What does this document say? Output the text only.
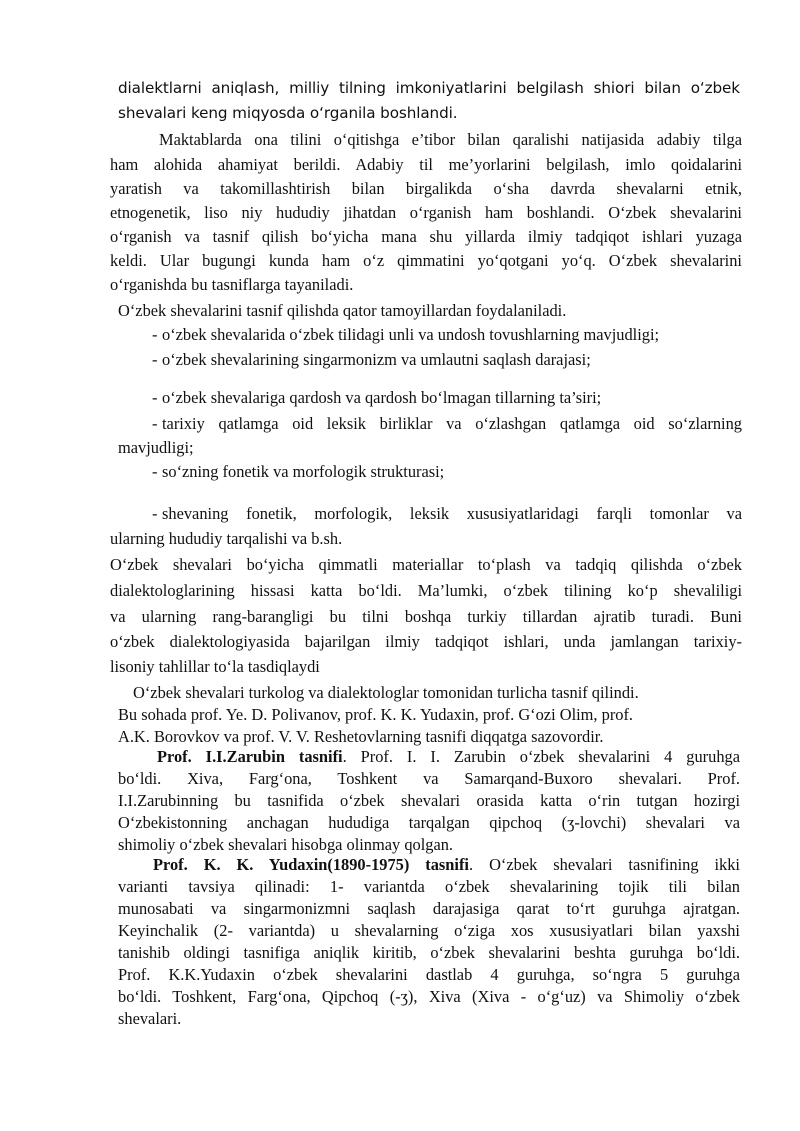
dialektlarni aniqlash, milliy tilning imkoniyatlarini belgilash shiori bilan o‘zbek
shevalari keng miqyosda o‘rganila boshlandi.
Maktablarda ona tilini o‘qitishga e’tibor bilan qaralishi natijasida adabiy tilga
ham alohida ahamiyat berildi. Adabiy til me’yorlarini belgilash, imlo qoidalarini
yaratish va takomillashtirish bilan birgalikda o‘sha davrda shevalarni etnik,
etnogenetik, liso niy hududiy jihatdan o‘rganish ham boshlandi. O‘zbek shevalarini
o‘rganish va tasnif qilish bo‘yicha mana shu yillarda ilmiy tadqiqot ishlari yuzaga
keldi. Ular bugungi kunda ham o‘z qimmatini yo‘qotgani yo‘q. O‘zbek shevalarini
o‘rganishda bu tasniflarga tayaniladi.
O‘zbek shevalarini tasnif qilishda qator tamoyillardan foydalaniladi.
- o‘zbek shevalarida o‘zbek tilidagi unli va undosh tovushlarning mavjudligi;
- o‘zbek shevalarining singarmonizm va umlautni saqlash darajasi;
- o‘zbek shevalariga qardosh va qardosh bo‘lmagan tillarning ta’siri;
- tarixiy qatlamga oid leksik birliklar va o‘zlashgan qatlamga oid so‘zlarning
mavjudligi;
- so‘zning fonetik va morfologik strukturasi;
- shevaning fonetik, morfologik, leksik xususiyatlaridagi farqli tomonlar va
ularning hududiy tarqalishi va b.sh.
O‘zbek shevalari bo‘yicha qimmatli materiallar to‘plash va tadqiq qilishda o‘zbek
dialektologlarining hissasi katta bo‘ldi. Ma’lumki, o‘zbek tilining ko‘p shevaliligi
va ularning rang-barangligi bu tilni boshqa turkiy tillardan ajratib turadi. Buni
o‘zbek dialektologiyasida bajarilgan ilmiy tadqiqot ishlari, unda jamlangan tarixiy-
lisoniy tahlillar to‘la tasdiqlaydi
O‘zbek shevalari turkolog va dialektologlar tomonidan turlicha tasnif qilindi.
Bu sohada prof. Ye. D. Polivanov, prof. K. K. Yudaxin, prof. G‘ozi Olim, prof.
A.K. Borovkov va prof. V. V. Reshetovlarning tasnifi diqqatga sazovordir.
Prof. I.I.Zarubin tasnifi. Prof. I. I. Zarubin o‘zbek shevalarini 4 guruhga
bo‘ldi. Xiva, Farg‘ona, Toshkent va Samarqand-Buxoro shevalari. Prof.
I.I.Zarubinning bu tasnifida o‘zbek shevalari orasida katta o‘rin tutgan hozirgi
O‘zbekistonning anchagan hududiga tarqalgan qipchoq (ʒ-lovchi) shevalari va
shimoliy o‘zbek shevalari hisobga olinmay qolgan.
Prof. K. K. Yudaxin(1890-1975) tasnifi. O‘zbek shevalari tasnifining ikki
varianti tavsiya qilinadi: 1- variantda o‘zbek shevalarining tojik tili bilan
munosabati va singarmonizmni saqlash darajasiga qarat to‘rt guruhga ajratgan.
Keyinchalik (2- variantda) u shevalarning o‘ziga xos xususiyatlari bilan yaxshi
tanishib oldingi tasnifiga aniqlik kiritib, o‘zbek shevalarini beshta guruhga bo‘ldi.
Prof. K.K.Yudaxin o‘zbek shevalarini dastlab 4 guruhga, so‘ngra 5 guruhga
bo‘ldi. Toshkent, Farg‘ona, Qipchoq (-ʒ), Xiva (Xiva - o‘g‘uz) va Shimoliy o‘zbek
shevalari.
